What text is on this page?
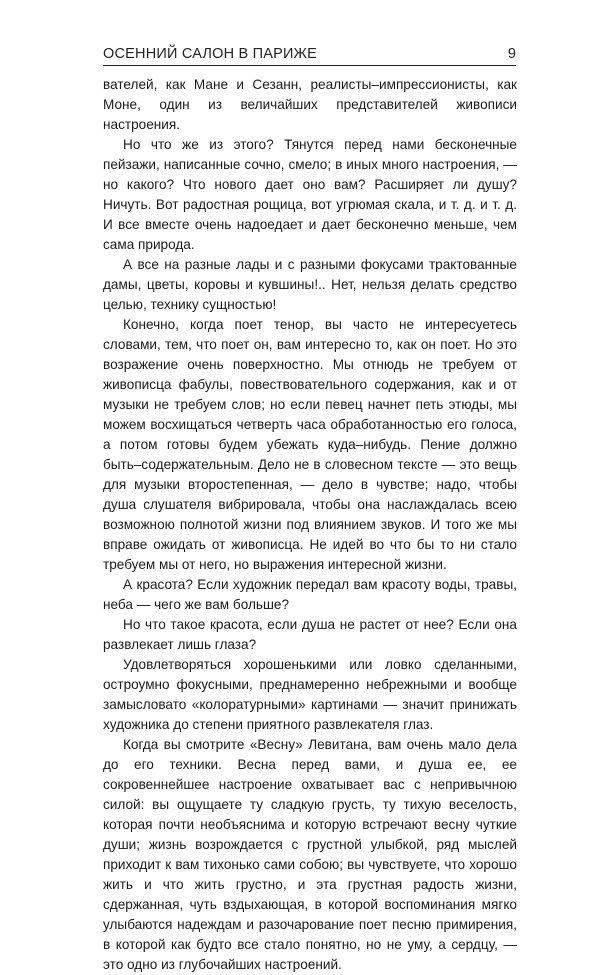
ОСЕННИЙ САЛОН В ПАРИЖЕ	9

вателей, как Мане и Сезанн, реалисты–импрессионисты, как Моне, один из величайших представителей живописи настроения.

Но что же из этого? Тянутся перед нами бесконечные пейзажи, написанные сочно, смело; в иных много настроения, — но какого? Что нового дает оно вам? Расширяет ли душу? Ничуть. Вот радостная рощица, вот угрюмая скала, и т. д. и т. д. И все вместе очень надоедает и дает бесконечно меньше, чем сама природа.

А все на разные лады и с разными фокусами трактованные дамы, цветы, коровы и кувшины!.. Нет, нельзя делать средство целью, технику сущностью!

Конечно, когда поет тенор, вы часто не интересуетесь словами, тем, что поет он, вам интересно то, как он поет. Но это возражение очень поверхностно. Мы отнюдь не требуем от живописца фабулы, повествовательного содержания, как и от музыки не требуем слов; но если певец начнет петь этюды, мы можем восхищаться четверть часа обработанностью его голоса, а потом готовы будем убежать куда–нибудь. Пение должно быть–содержательным. Дело не в словесном тексте — это вещь для музыки второстепенная, — дело в чувстве; надо, чтобы душа слушателя вибрировала, чтобы она наслаждалась всею возможною полнотой жизни под влиянием звуков. И того же мы вправе ожидать от живописца. Не идей во что бы то ни стало требуем мы от него, но выражения интересной жизни.

А красота? Если художник передал вам красоту воды, травы, неба — чего же вам больше?

Но что такое красота, если душа не растет от нее? Если она развлекает лишь глаза?

Удовлетворяться хорошенькими или ловко сделанными, остроумно фокусными, преднамеренно небрежными и вообще замысловато «колоратурными» картинами — значит принижать художника до степени приятного развлекателя глаз.

Когда вы смотрите «Весну» Левитана, вам очень мало дела до его техники. Весна перед вами, и душа ее, ее сокровеннейшее настроение охватывает вас с непривычною силой: вы ощущаете ту сладкую грусть, ту тихую веселость, которая почти необъяснима и которую встречают весну чуткие души; жизнь возрождается с грустной улыбкой, ряд мыслей приходит к вам тихонько сами собою; вы чувствуете, что хорошо жить и что жить грустно, и эта грустная радость жизни, сдержанная, чуть вздыхающая, в которой воспоминания мягко улыбаются надеждам и разочарование поет песню примирения, в которой как будто все стало понятно, но не уму, а сердцу, — это одно из глубочайших настроений.
